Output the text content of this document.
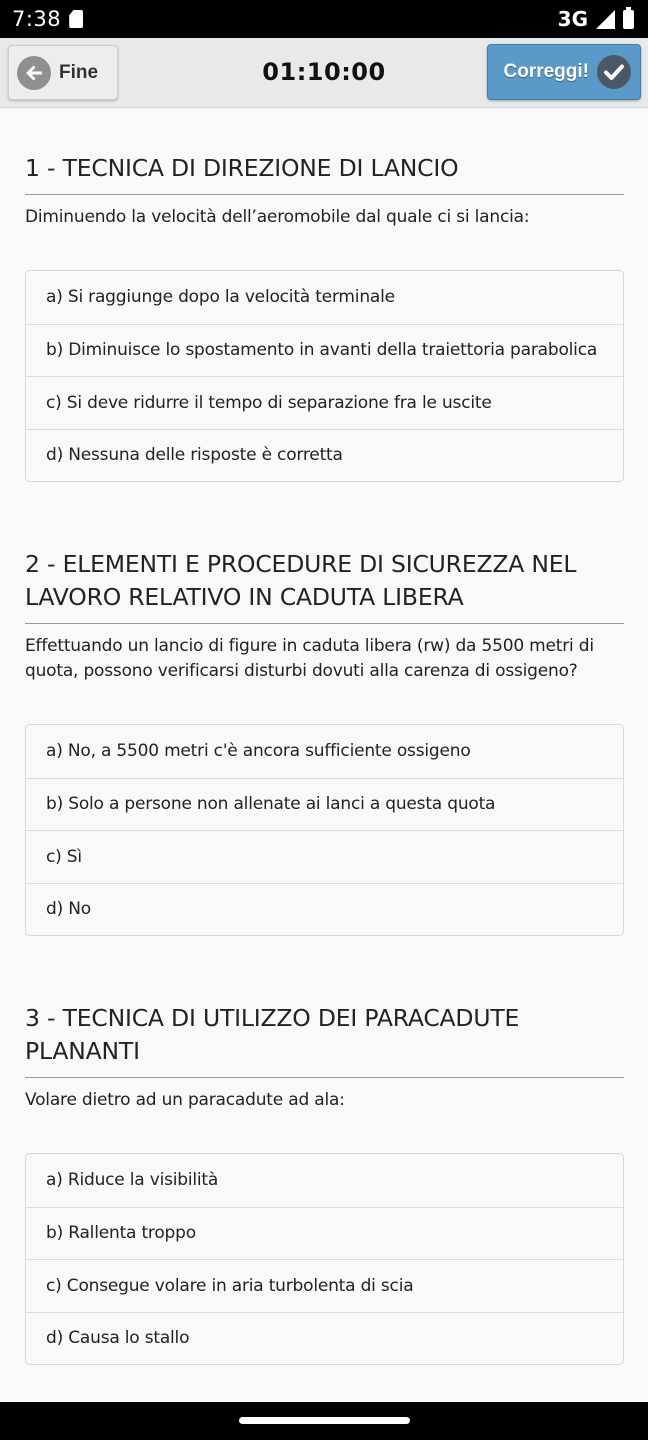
7:38	3G
Fine	01:10:00	Correggi!
1 - TECNICA DI DIREZIONE DI LANCIO

Diminuendo la velocità dell’aeromobile dal quale ci si lancia:

a) Si raggiunge dopo la velocità terminale
b) Diminuisce lo spostamento in avanti della traiettoria parabolica
c) Si deve ridurre il tempo di separazione fra le uscite
d) Nessuna delle risposte è corretta
2 - ELEMENTI E PROCEDURE DI SICUREZZA NEL LAVORO RELATIVO IN CADUTA LIBERA

Effettuando un lancio di figure in caduta libera (rw) da 5500 metri di quota, possono verificarsi disturbi dovuti alla carenza di ossigeno?

a) No, a 5500 metri c'è ancora sufficiente ossigeno
b) Solo a persone non allenate ai lanci a questa quota
c) Sì
d) No
3 - TECNICA DI UTILIZZO DEI PARACADUTE PLANANTI

Volare dietro ad un paracadute ad ala:

a) Riduce la visibilità
b) Rallenta troppo
c) Consegue volare in aria turbolenta di scia
d) Causa lo stallo
